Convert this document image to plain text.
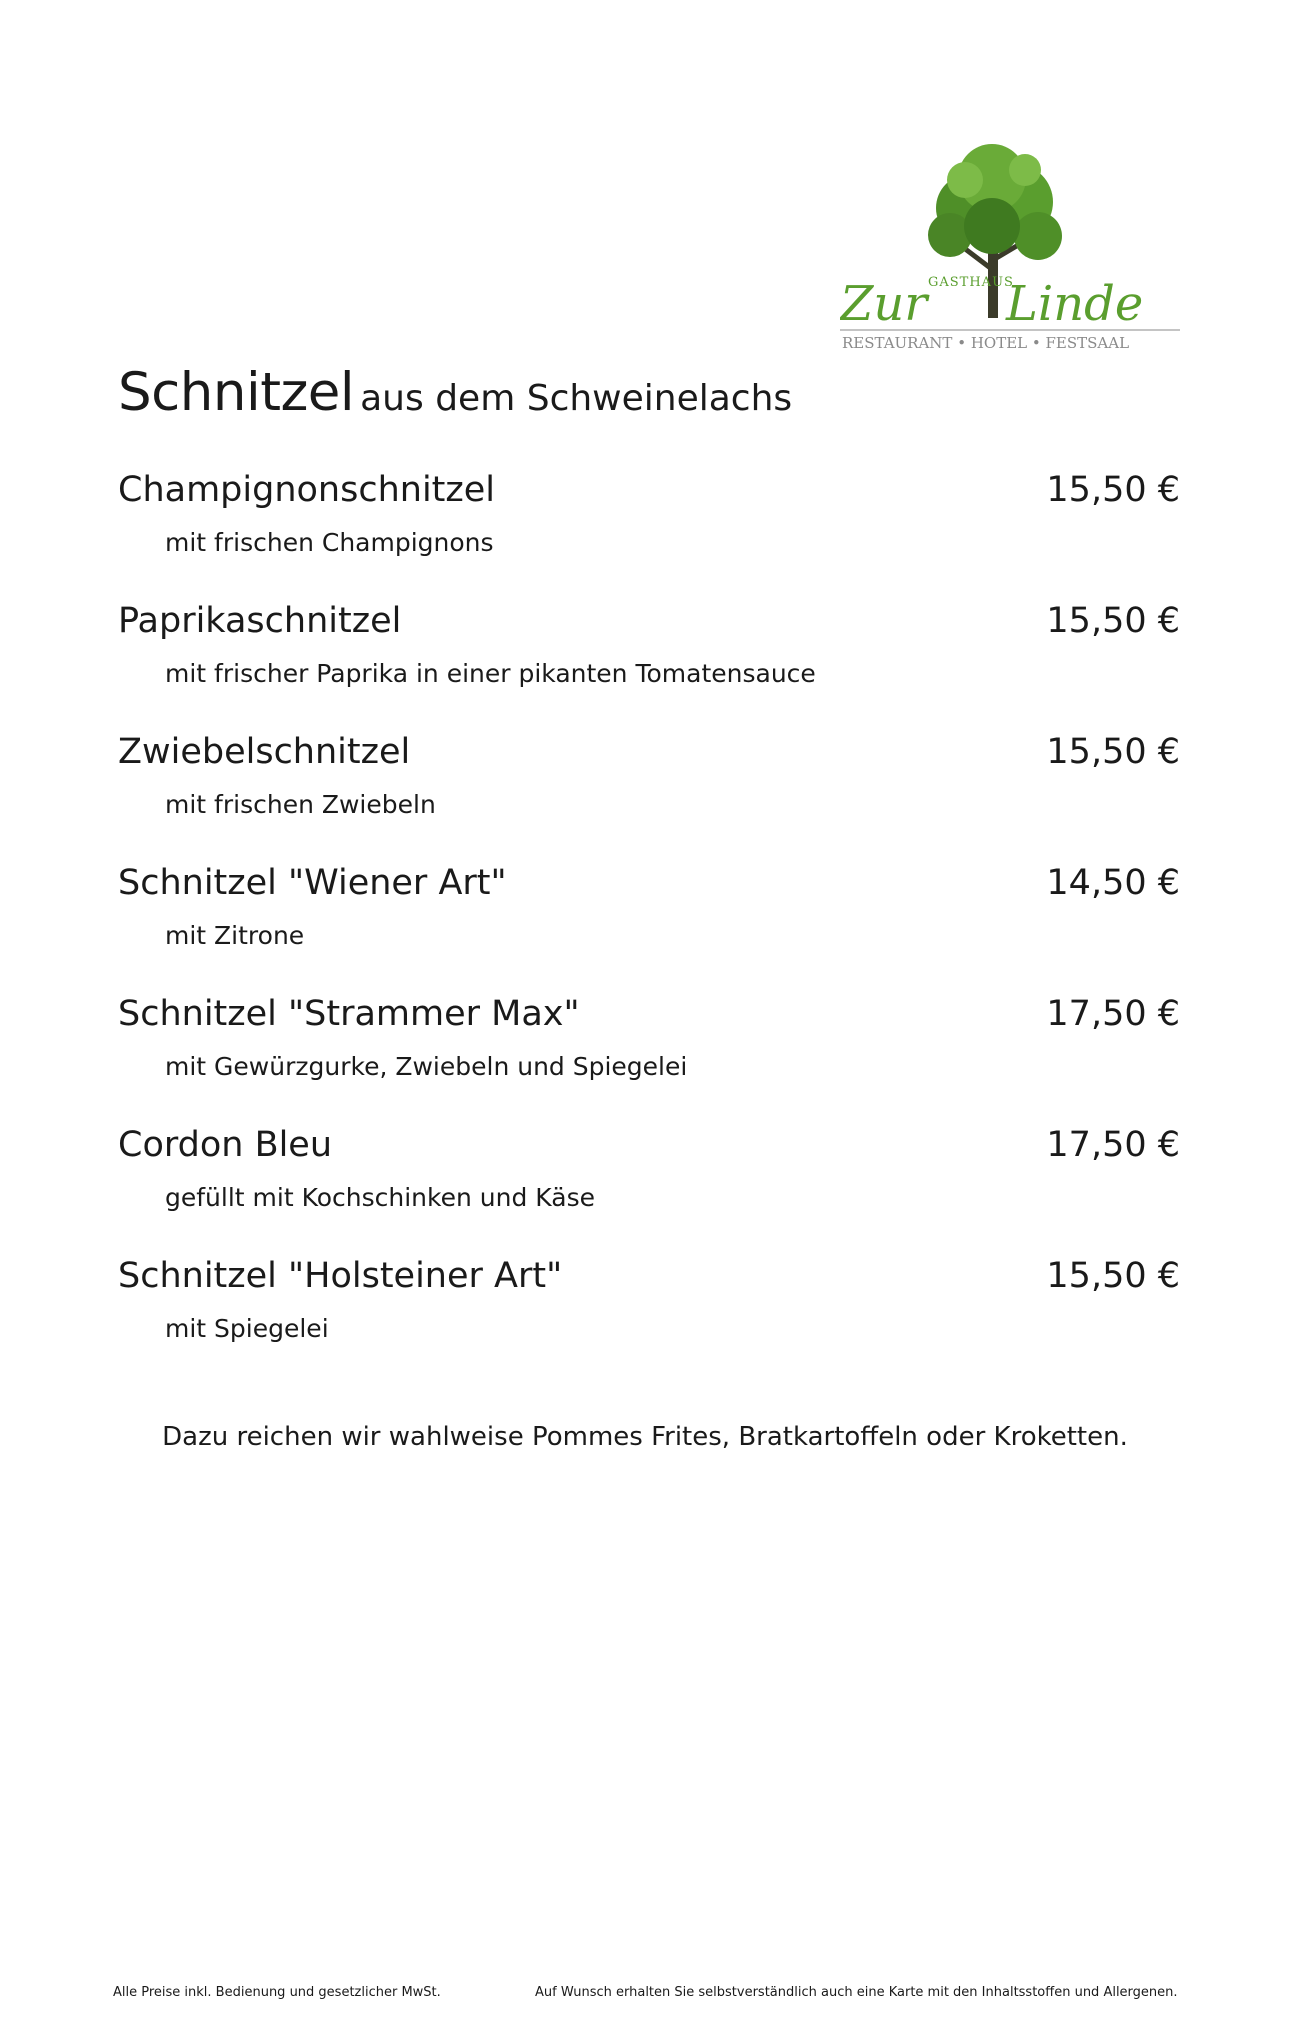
GASTHAUS
Zur Linde
RESTAURANT • HOTEL • FESTSAAL
Schnitzel aus dem Schweinelachs
Champignonschnitzel	15,50 €
mit frischen Champignons
Paprikaschnitzel	15,50 €
mit frischer Paprika in einer pikanten Tomatensauce
Zwiebelschnitzel	15,50 €
mit frischen Zwiebeln
Schnitzel "Wiener Art"	14,50 €
mit Zitrone
Schnitzel "Strammer Max"	17,50 €
mit Gewürzgurke, Zwiebeln und Spiegelei
Cordon Bleu	17,50 €
gefüllt mit Kochschinken und Käse
Schnitzel "Holsteiner Art"	15,50 €
mit Spiegelei
Dazu reichen wir wahlweise Pommes Frites, Bratkartoffeln oder Kroketten.
Alle Preise inkl. Bedienung und gesetzlicher MwSt.	Auf Wunsch erhalten Sie selbstverständlich auch eine Karte mit den Inhaltsstoffen und Allergenen.
